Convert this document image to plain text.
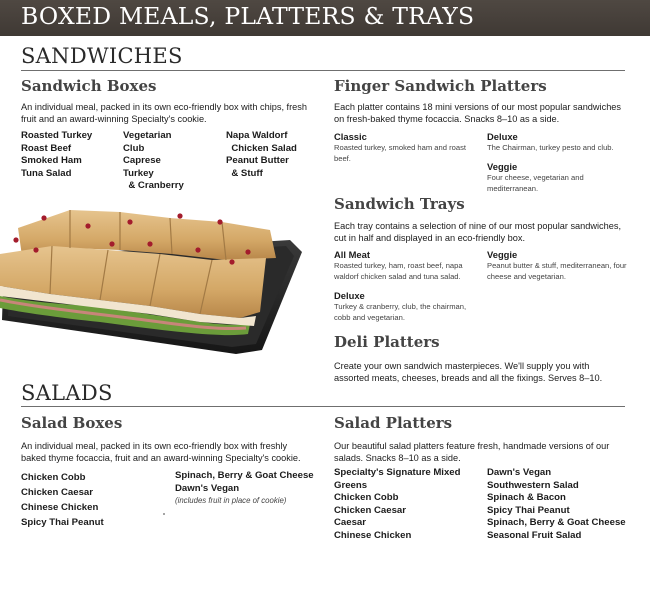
BOXED MEALS, PLATTERS & TRAYS
SANDWICHES
Sandwich Boxes
An individual meal, packed in its own eco-friendly box with chips, fresh fruit and an award-winning Specialty's cookie.
Roasted Turkey
Roast Beef
Smoked Ham
Tuna Salad
Vegetarian
Club
Caprese
Turkey
& Cranberry
Napa Waldorf
Chicken Salad
Peanut Butter
& Stuff
Finger Sandwich Platters
Each platter contains 18 mini versions of our most popular sandwiches on fresh-baked thyme focaccia. Snacks 8–10 as a side.
Classic
Roasted turkey, smoked ham and roast beef.
Deluxe
The Chairman, turkey pesto and club.
Veggie
Four cheese, vegetarian and mediterranean.
Sandwich Trays
Each tray contains a selection of nine of our most popular sandwiches, cut in half and displayed in an eco-friendly box.
All Meat
Roasted turkey, ham, roast beef, napa waldorf chicken salad and tuna salad.
Veggie
Peanut butter & stuff, mediterranean, four cheese and vegetarian.
Deluxe
Turkey & cranberry, club, the chairman, cobb and vegetarian.
Deli Platters
Create your own sandwich masterpieces. We'll supply you with assorted meats, cheeses, breads and all the fixings. Serves 8–10.
SALADS
Salad Boxes
An individual meal, packed in its own eco-friendly box with freshly baked thyme focaccia, fruit and an award-winning Specialty's cookie.
Chicken Cobb
Chicken Caesar
Chinese Chicken
Spicy Thai Peanut
Spinach, Berry & Goat Cheese
Dawn's Vegan
(includes fruit in place of cookie)
Salad Platters
Our beautiful salad platters feature fresh, handmade versions of our salads. Snacks 8–10 as a side.
Specialty's Signature Mixed
Greens
Chicken Cobb
Chicken Caesar
Caesar
Chinese Chicken
Dawn's Vegan
Southwestern Salad
Spinach & Bacon
Spicy Thai Peanut
Spinach, Berry & Goat Cheese
Seasonal Fruit Salad
